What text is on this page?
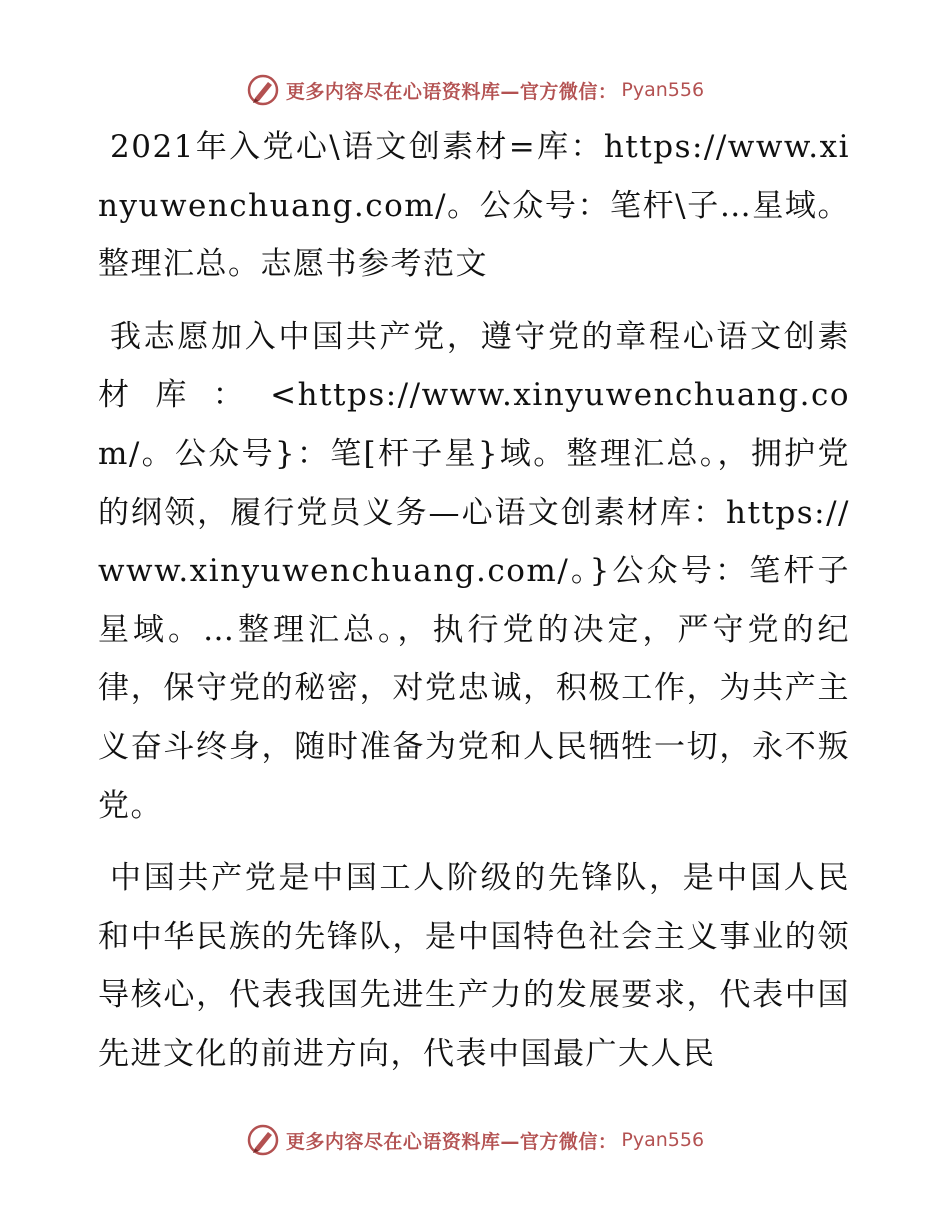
更多内容尽在心语资料库—官方微信： Pyan556

2021年入党心\语文创素材=库：https://www.xinyuwenchuang.com/。公众号：笔杆\子…星域。整理汇总。志愿书参考范文

我志愿加入中国共产党，遵守党的章程心语文创素材库：<https://www.xinyuwenchuang.com/。公众号}：笔[杆子星}域。整理汇总。，拥护党的纲领，履行党员义务—心语文创素材库：https://www.xinyuwenchuang.com/。}公众号：笔杆子星域。…整理汇总。，执行党的决定，严守党的纪律，保守党的秘密，对党忠诚，积极工作，为共产主义奋斗终身，随时准备为党和人民牺牲一切，永不叛党。

中国共产党是中国工人阶级的先锋队，是中国人民和中华民族的先锋队，是中国特色社会主义事业的领导核心，代表我国先进生产力的发展要求，代表中国先进文化的前进方向，代表中国最广大人民

更多内容尽在心语资料库—官方微信： Pyan556
